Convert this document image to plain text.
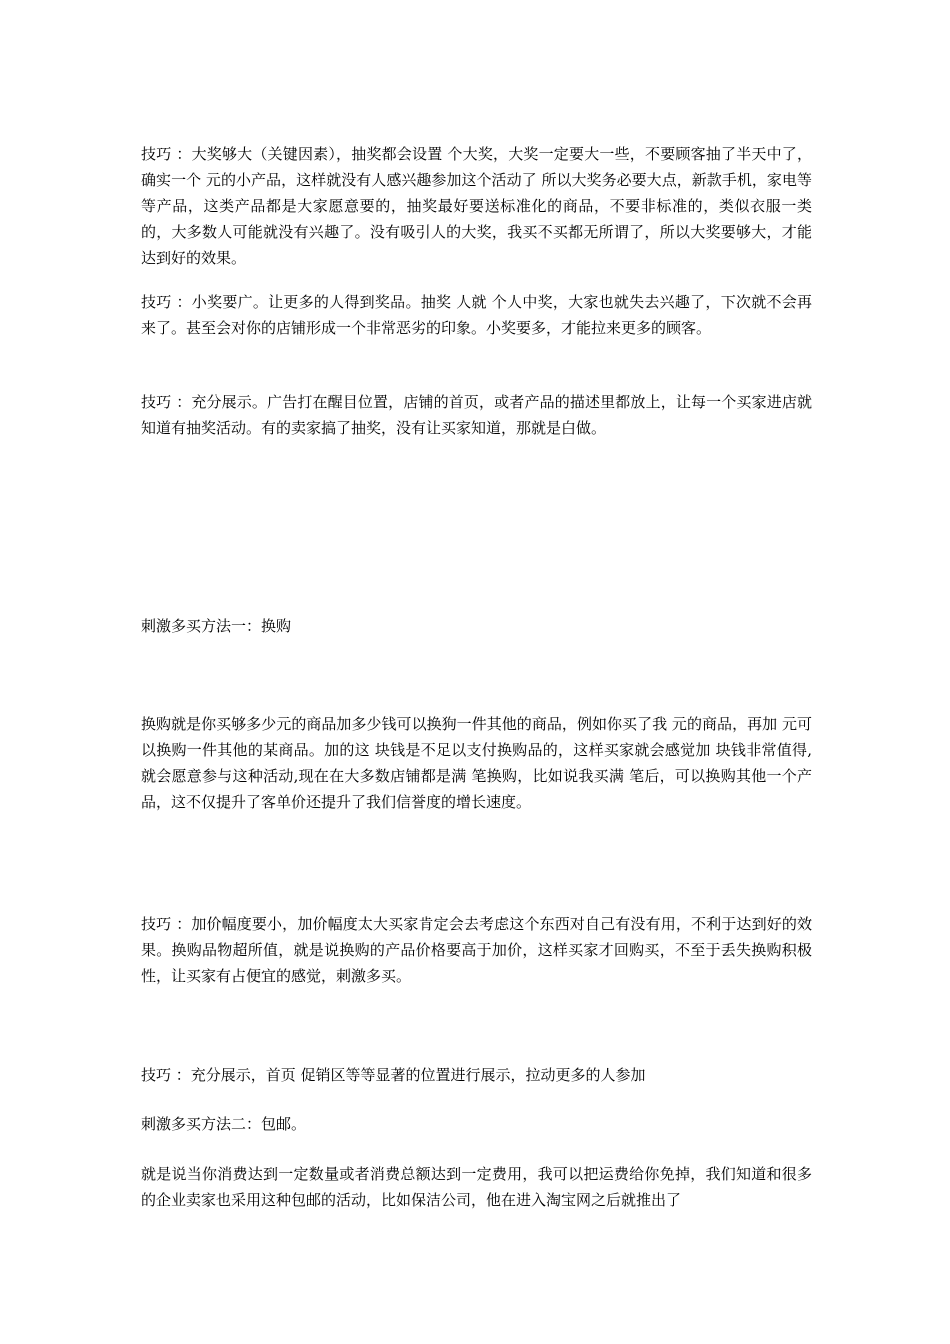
技巧 ：大奖够大（关键因素），抽奖都会设置 个大奖，大奖一定要大一些，不要顾客抽了半天中了，确实一个 元的小产品，这样就没有人感兴趣参加这个活动了 所以大奖务必要大点，新款手机，家电等等产品，这类产品都是大家愿意要的，抽奖最好要送标准化的商品，不要非标准的，类似衣服一类的，大多数人可能就没有兴趣了。没有吸引人的大奖，我买不买都无所谓了，所以大奖要够大，才能达到好的效果。

技巧 ：小奖要广。让更多的人得到奖品。抽奖 人就 个人中奖，大家也就失去兴趣了，下次就不会再来了。甚至会对你的店铺形成一个非常恶劣的印象。小奖要多，才能拉来更多的顾客。

技巧 ：充分展示。广告打在醒目位置，店铺的首页，或者产品的描述里都放上，让每一个买家进店就知道有抽奖活动。有的卖家搞了抽奖，没有让买家知道，那就是白做。

刺激多买方法一：换购

换购就是你买够多少元的商品加多少钱可以换狗一件其他的商品，例如你买了我 元的商品，再加 元可以换购一件其他的某商品。加的这 块钱是不足以支付换购品的，这样买家就会感觉加 块钱非常值得,就会愿意参与这种活动,现在在大多数店铺都是满 笔换购，比如说我买满 笔后，可以换购其他一个产品，这不仅提升了客单价还提升了我们信誉度的增长速度。

技巧 ：加价幅度要小，加价幅度太大买家肯定会去考虑这个东西对自己有没有用，不利于达到好的效果。换购品物超所值，就是说换购的产品价格要高于加价，这样买家才回购买，不至于丢失换购积极性，让买家有占便宜的感觉，刺激多买。

技巧 ：充分展示，首页 促销区等等显著的位置进行展示，拉动更多的人参加

刺激多买方法二：包邮。

就是说当你消费达到一定数量或者消费总额达到一定费用，我可以把运费给你免掉，我们知道和很多的企业卖家也采用这种包邮的活动，比如保洁公司，他在进入淘宝网之后就推出了
